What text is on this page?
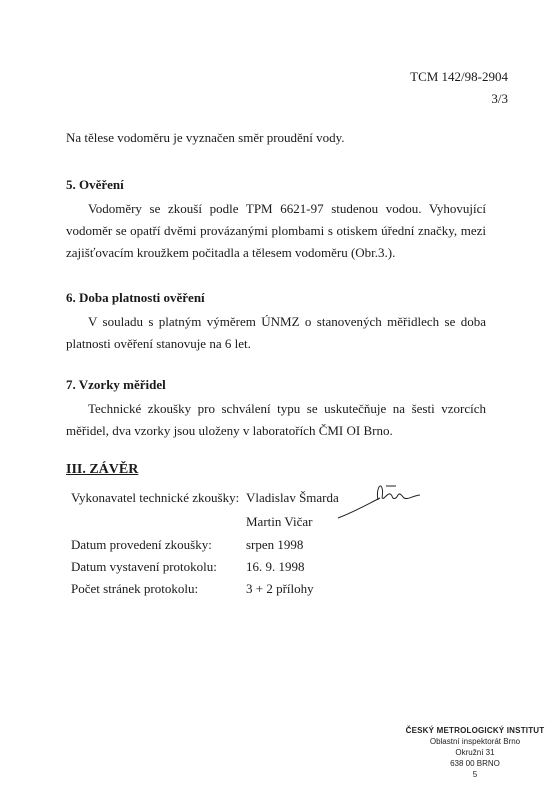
TCM 142/98-2904
3/3
Na tělese vodoměru je vyznačen směr proudění vody.
5. Ověření

Vodoměry se zkouší podle TPM 6621-97 studenou vodou. Vyhovující vodoměr se opatří dvěmi provázanými plombami s otiskem úřední značky, mezi zajišťovacím kroužkem počitadla a tělesem vodoměru (Obr.3.).

6. Doba platnosti ověření

V souladu s platným výměrem ÚNMZ o stanovených měřidlech se doba platnosti ověření stanovuje na 6 let.

7. Vzorky měřidel

Technické zkoušky pro schválení typu se uskutečňuje na šesti vzorcích měřidel, dva vzorky jsou uloženy v laboratořích ČMI OI Brno.

III. ZÁVĚR
Vykonavatel technické zkoušky: Vladislav Šmarda
Martin Vičar
Datum provedení zkoušky:	srpen 1998
Datum vystavení protokolu: 16. 9. 1998
Počet stránek protokolu:	3 + 2 přílohy
ČESKÝ METROLOGICKÝ INSTITUT
Oblastní inspektorát Brno
Okružní 31
638 00 BRNO
5
